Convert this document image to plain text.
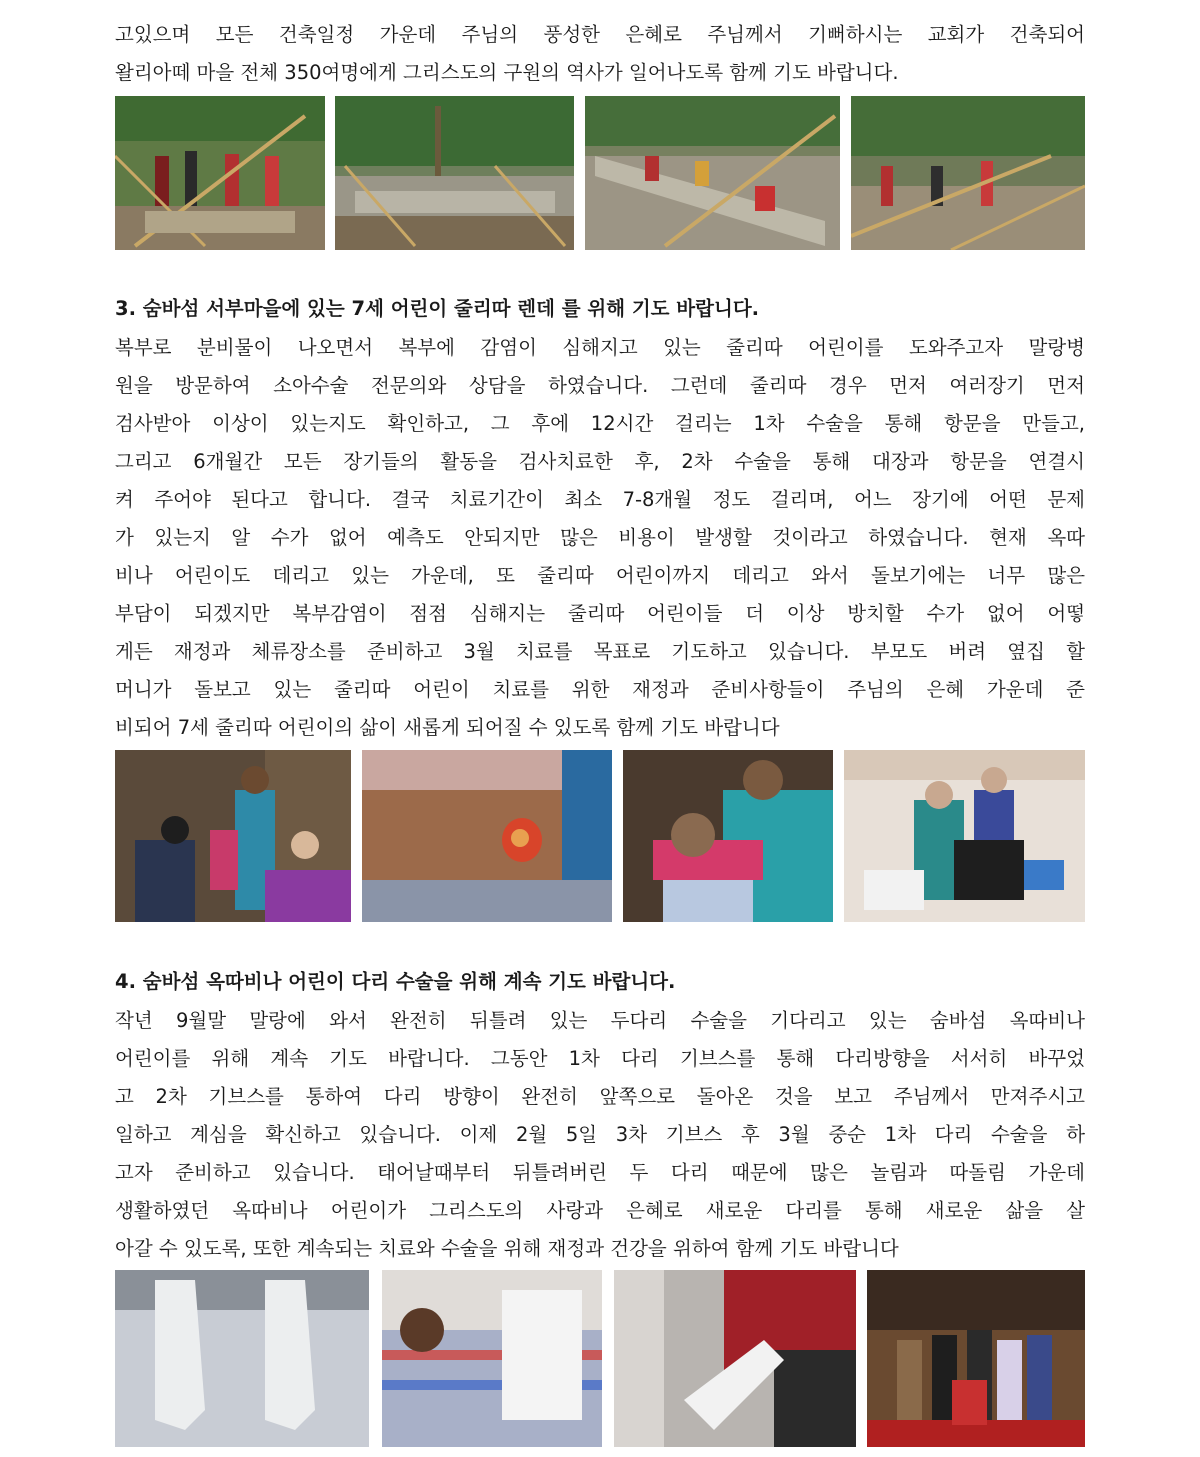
고있으며 모든 건축일정 가운데 주님의 풍성한 은혜로 주님께서 기뻐하시는 교회가 건축되어
왈리아떼 마을 전체 350여명에게 그리스도의 구원의 역사가 일어나도록 함께 기도 바랍니다.
3. 숨바섬 서부마을에 있는 7세 어린이 줄리따 렌데 를 위해 기도 바랍니다.
복부로 분비물이 나오면서 복부에 감염이 심해지고 있는 줄리따 어린이를 도와주고자 말랑병
원을 방문하여 소아수술 전문의와 상담을 하였습니다. 그런데 줄리따 경우 먼저 여러장기 먼저
검사받아 이상이 있는지도 확인하고, 그 후에 12시간 걸리는 1차 수술을 통해 항문을 만들고,
그리고 6개월간 모든 장기들의 활동을 검사치료한 후, 2차 수술을 통해 대장과 항문을 연결시
켜 주어야 된다고 합니다. 결국 치료기간이 최소 7-8개월 정도 걸리며, 어느 장기에 어떤 문제
가 있는지 알 수가 없어 예측도 안되지만 많은 비용이 발생할 것이라고 하였습니다. 현재 옥따
비나 어린이도 데리고 있는 가운데, 또 줄리따 어린이까지 데리고 와서 돌보기에는 너무 많은
부담이 되겠지만 복부감염이 점점 심해지는 줄리따 어린이들 더 이상 방치할 수가 없어 어떻
게든 재정과 체류장소를 준비하고 3월 치료를 목표로 기도하고 있습니다. 부모도 버려 옆집 할
머니가 돌보고 있는 줄리따 어린이 치료를 위한 재정과 준비사항들이 주님의 은혜 가운데 준
비되어 7세 줄리따 어린이의 삶이 새롭게 되어질 수 있도록 함께 기도 바랍니다
4. 숨바섬 옥따비나 어린이 다리 수술을 위해 계속 기도 바랍니다.
작년 9월말 말랑에 와서 완전히 뒤틀려 있는 두다리 수술을 기다리고 있는 숨바섬 옥따비나
어린이를 위해 계속 기도 바랍니다. 그동안 1차 다리 기브스를 통해 다리방향을 서서히 바꾸었
고 2차 기브스를 통하여 다리 방향이 완전히 앞쪽으로 돌아온 것을 보고 주님께서 만져주시고
일하고 계심을 확신하고 있습니다. 이제 2월 5일 3차 기브스 후 3월 중순 1차 다리 수술을 하
고자 준비하고 있습니다. 태어날때부터 뒤틀려버린 두 다리 때문에 많은 놀림과 따돌림 가운데
생활하였던 옥따비나 어린이가 그리스도의 사랑과 은혜로 새로운 다리를 통해 새로운 삶을 살
아갈 수 있도록, 또한 계속되는 치료와 수술을 위해 재정과 건강을 위하여 함께 기도 바랍니다
